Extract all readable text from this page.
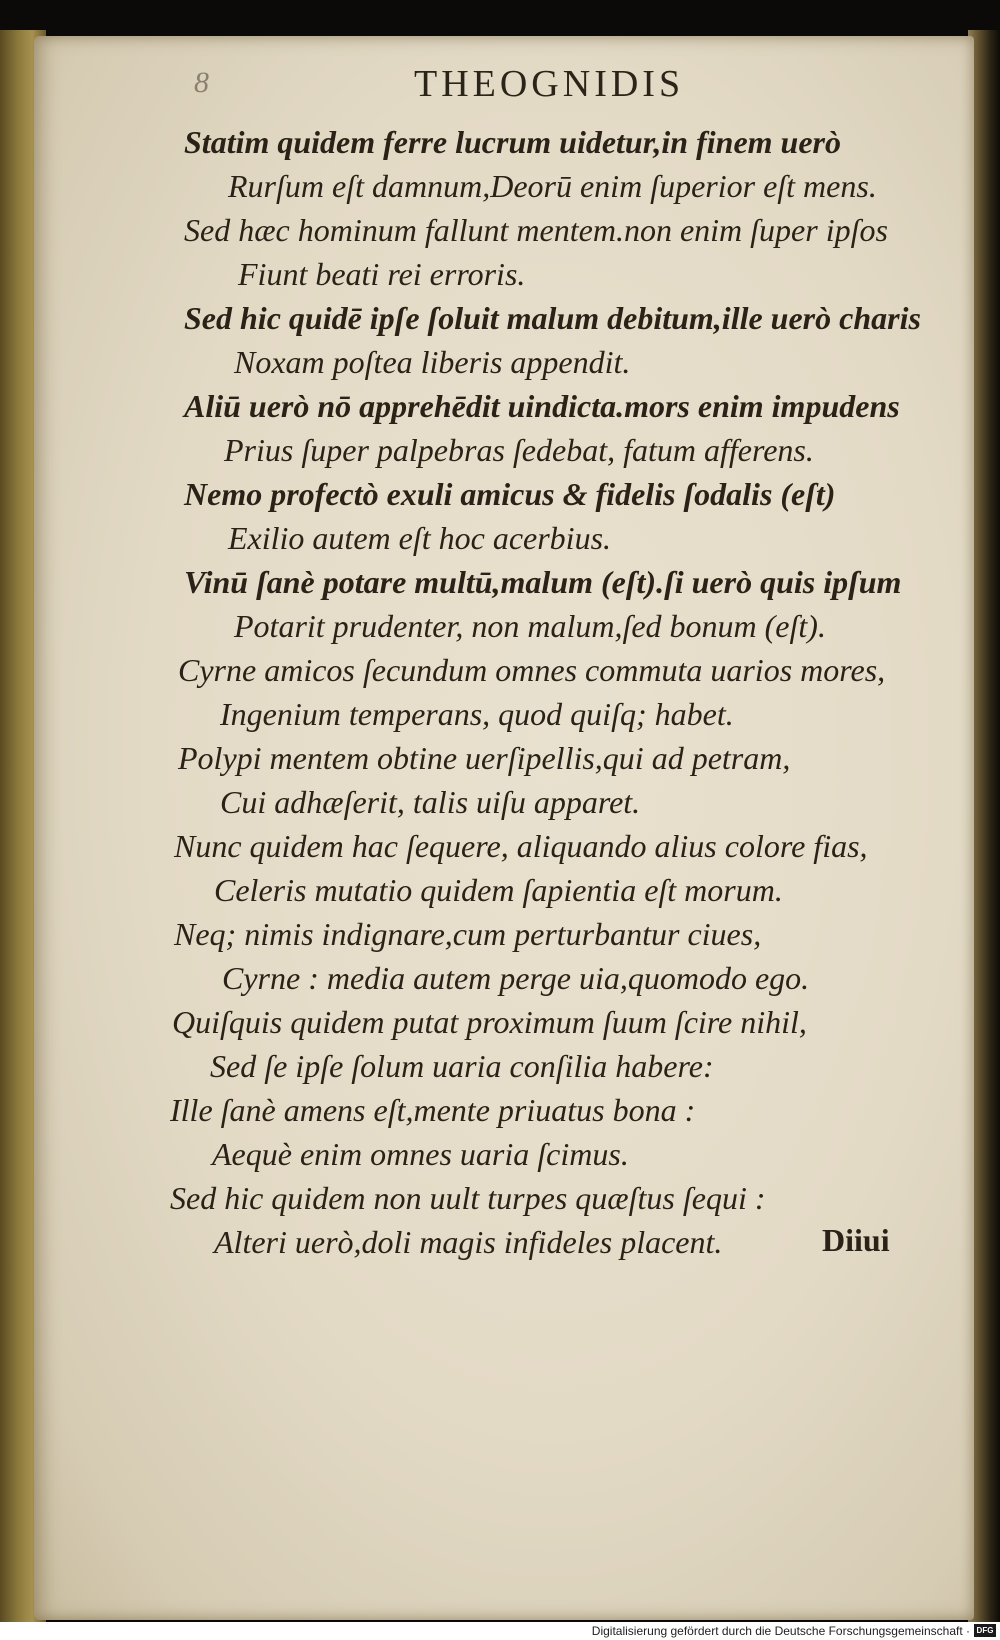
8	THEOGNIDIS
Statim quidem ferre lucrum uidetur,in finem uerò
Rurſum eſt damnum,Deorū enim ſuperior eſt mens.
Sed hæc hominum fallunt mentem.non enim ſuper ipſos
Fiunt beati rei erroris.
Sed hic quidē ipſe ſoluit malum debitum,ille uerò charis
Noxam poſtea liberis appendit.
Aliū uerò nō apprehēdit uindicta.mors enim impudens
Prius ſuper palpebras ſedebat, fatum afferens.
Nemo profectò exuli amicus & fidelis ſodalis (eſt)
Exilio autem eſt hoc acerbius.
Vinū ſanè potare multū,malum (eſt).ſi uerò quis ipſum
Potarit prudenter, non malum,ſed bonum (eſt).
Cyrne amicos ſecundum omnes commuta uarios mores,
Ingenium temperans, quod quiſq; habet.
Polypi mentem obtine uerſipellis,qui ad petram,
Cui adhæſerit, talis uiſu apparet.
Nunc quidem hac ſequere, aliquando alius colore fias,
Celeris mutatio quidem ſapientia eſt morum.
Neq; nimis indignare,cum perturbantur ciues,
Cyrne : media autem perge uia,quomodo ego.
Quiſquis quidem putat proximum ſuum ſcire nihil,
Sed ſe ipſe ſolum uaria conſilia habere:
Ille ſanè amens eſt,mente priuatus bona :
Aequè enim omnes uaria ſcimus.
Sed hic quidem non uult turpes quæſtus ſequi :
Alteri uerò,doli magis infideles placent.	Diiui
Digitalisierung gefördert durch die Deutsche Forschungsgemeinschaft · DFG
